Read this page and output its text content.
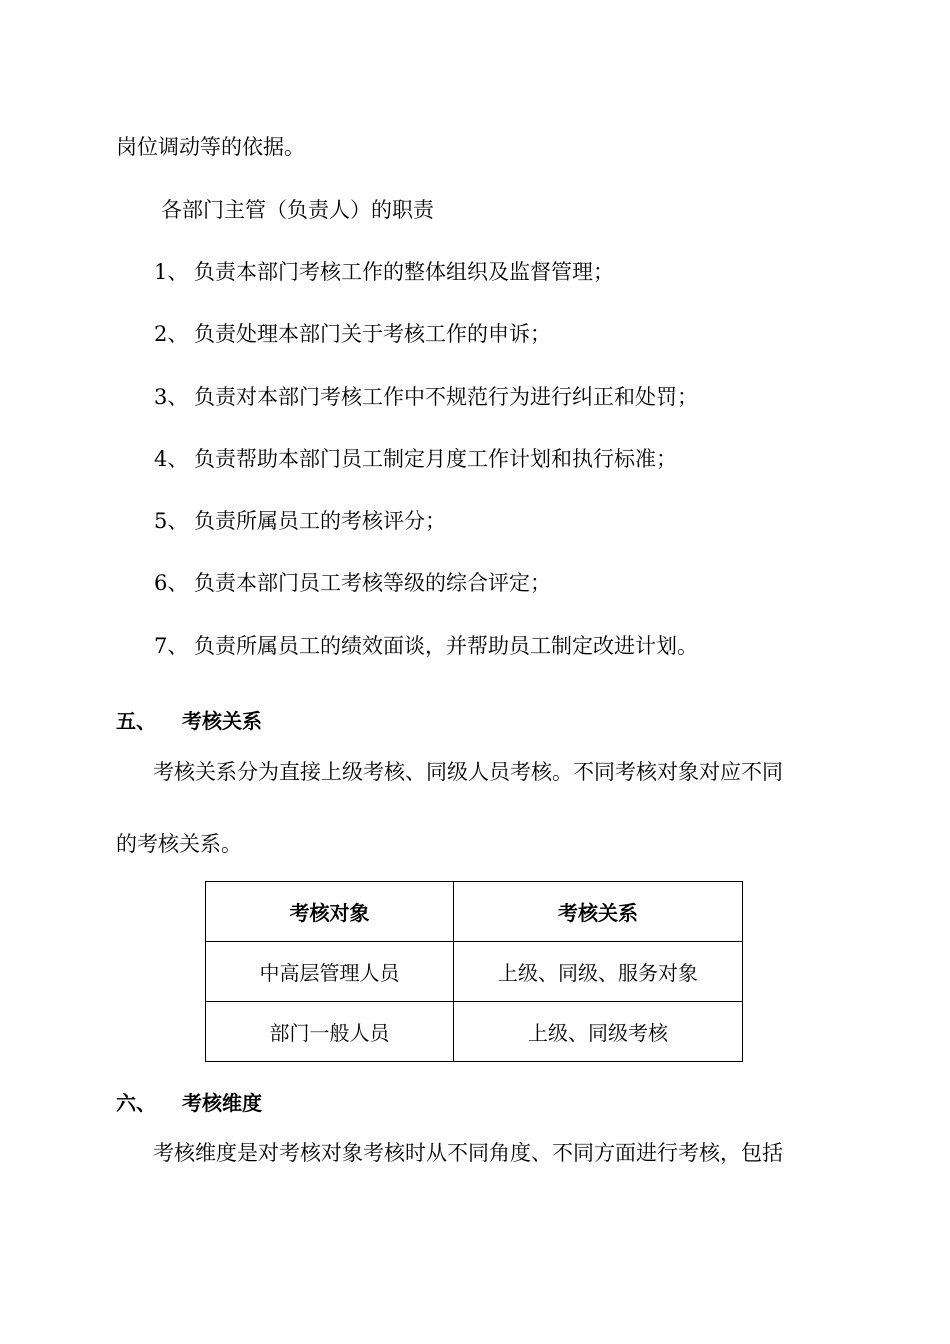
岗位调动等的依据。
各部门主管（负责人）的职责
1、 负责本部门考核工作的整体组织及监督管理；
2、 负责处理本部门关于考核工作的申诉；
3、 负责对本部门考核工作中不规范行为进行纠正和处罚；
4、 负责帮助本部门员工制定月度工作计划和执行标准；
5、 负责所属员工的考核评分；
6、 负责本部门员工考核等级的综合评定；
7、 负责所属员工的绩效面谈，并帮助员工制定改进计划。
五、 考核关系
考核关系分为直接上级考核、同级人员考核。不同考核对象对应不同
的考核关系。
考核对象	考核关系
中高层管理人员	上级、同级、服务对象
部门一般人员	上级、同级考核
六、 考核维度
考核维度是对考核对象考核时从不同角度、不同方面进行考核，包括
